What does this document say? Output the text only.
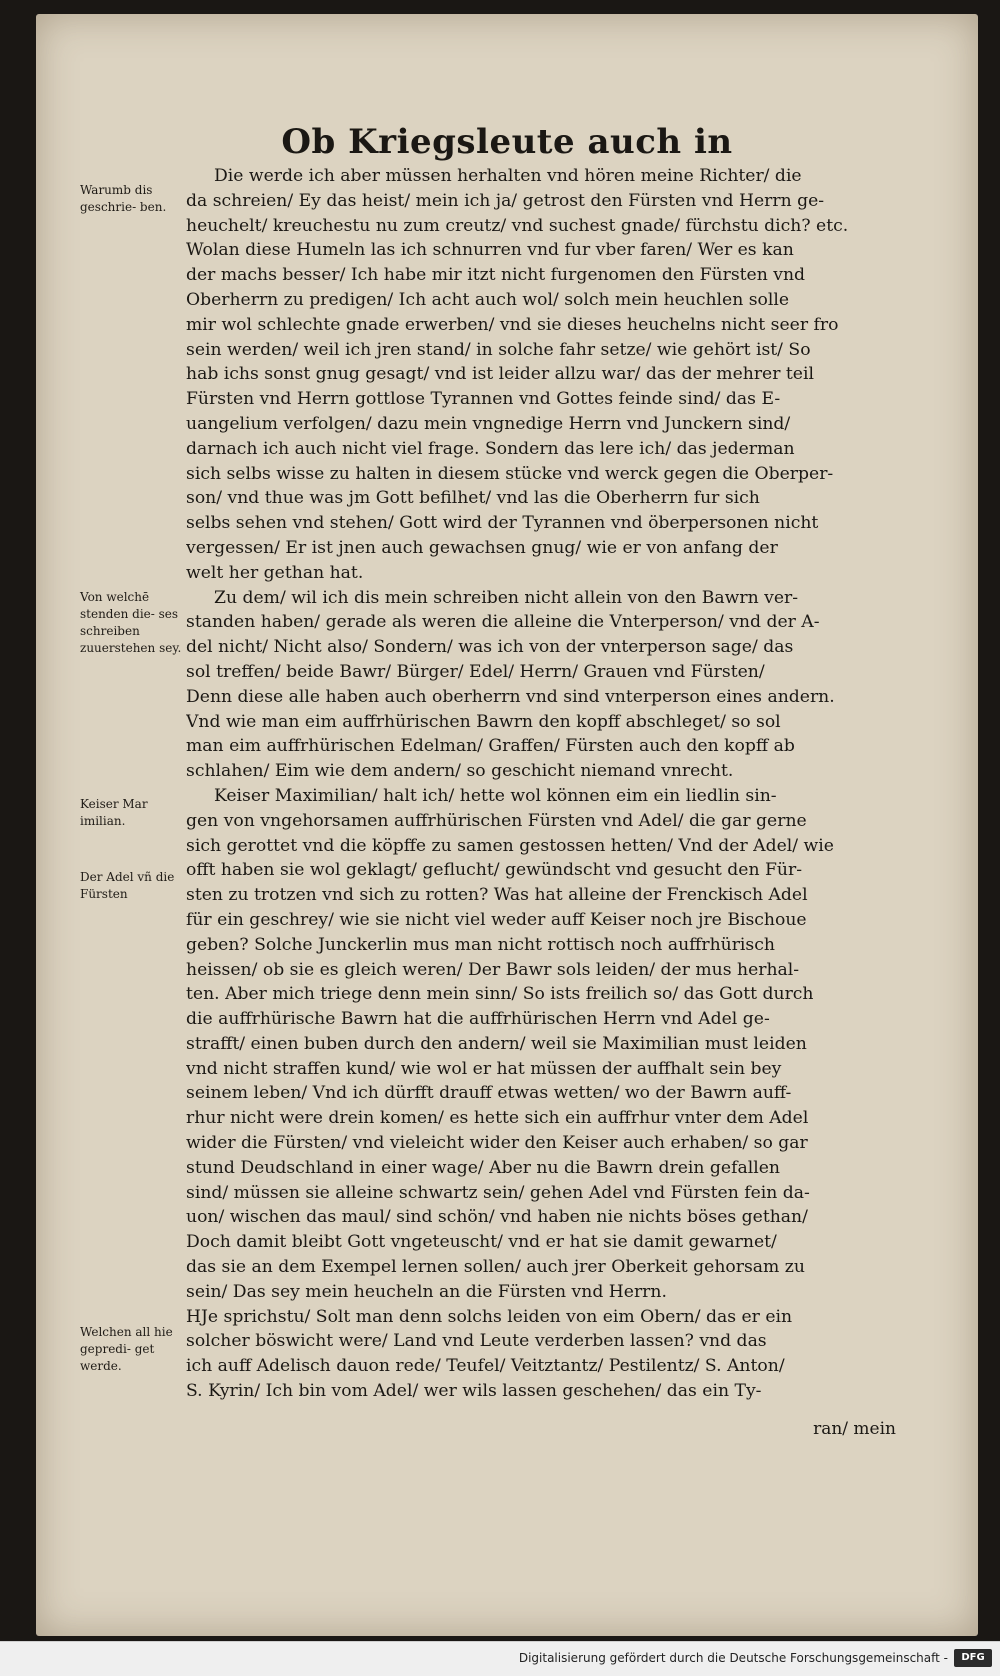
Ob Kriegsleute auch in
Warumb dis geschrie- ben.
Von welchē stenden die- ses schreiben zuuerstehen sey.
Keiser Mar imilian.
Der Adel vñ die Fürsten
Welchen all hie gepredi- get werde.
Die werde ich aber müssen herhalten vnd hören meine Richter/ die
da schreien/ Ey das heist/ mein ich ja/ getrost den Fürsten vnd Herrn ge-
heuchelt/ kreuchestu nu zum creutz/ vnd suchest gnade/ fürchstu dich? etc.
Wolan diese Humeln las ich schnurren vnd fur vber faren/ Wer es kan
der machs besser/ Ich habe mir itzt nicht furgenomen den Fürsten vnd
Oberherrn zu predigen/ Ich acht auch wol/ solch mein heuchlen solle
mir wol schlechte gnade erwerben/ vnd sie dieses heuchelns nicht seer fro
sein werden/ weil ich jren stand/ in solche fahr setze/ wie gehört ist/ So
hab ichs sonst gnug gesagt/ vnd ist leider allzu war/ das der mehrer teil
Fürsten vnd Herrn gottlose Tyrannen vnd Gottes feinde sind/ das E-
uangelium verfolgen/ dazu mein vngnedige Herrn vnd Junckern sind/
darnach ich auch nicht viel frage. Sondern das lere ich/ das jederman
sich selbs wisse zu halten in diesem stücke vnd werck gegen die Oberper-
son/ vnd thue was jm Gott befilhet/ vnd las die Oberherrn fur sich
selbs sehen vnd stehen/ Gott wird der Tyrannen vnd öberpersonen nicht
vergessen/ Er ist jnen auch gewachsen gnug/ wie er von anfang der
welt her gethan hat.
Zu dem/ wil ich dis mein schreiben nicht allein von den Bawrn ver-
standen haben/ gerade als weren die alleine die Vnterperson/ vnd der A-
del nicht/ Nicht also/ Sondern/ was ich von der vnterperson sage/ das
sol treffen/ beide Bawr/ Bürger/ Edel/ Herrn/ Grauen vnd Fürsten/
Denn diese alle haben auch oberherrn vnd sind vnterperson eines andern.
Vnd wie man eim auffrhürischen Bawrn den kopff abschleget/ so sol
man eim auffrhürischen Edelman/ Graffen/ Fürsten auch den kopff ab
schlahen/ Eim wie dem andern/ so geschicht niemand vnrecht.
Keiser Maximilian/ halt ich/ hette wol können eim ein liedlin sin-
gen von vngehorsamen auffrhürischen Fürsten vnd Adel/ die gar gerne
sich gerottet vnd die köpffe zu samen gestossen hetten/ Vnd der Adel/ wie
offt haben sie wol geklagt/ geflucht/ gewündscht vnd gesucht den Für-
sten zu trotzen vnd sich zu rotten? Was hat alleine der Frenckisch Adel
für ein geschrey/ wie sie nicht viel weder auff Keiser noch jre Bischoue
geben? Solche Junckerlin mus man nicht rottisch noch auffrhürisch
heissen/ ob sie es gleich weren/ Der Bawr sols leiden/ der mus herhal-
ten. Aber mich triege denn mein sinn/ So ists freilich so/ das Gott durch
die auffrhürische Bawrn hat die auffrhürischen Herrn vnd Adel ge-
strafft/ einen buben durch den andern/ weil sie Maximilian must leiden
vnd nicht straffen kund/ wie wol er hat müssen der auffhalt sein bey
seinem leben/ Vnd ich dürfft drauff etwas wetten/ wo der Bawrn auff-
rhur nicht were drein komen/ es hette sich ein auffrhur vnter dem Adel
wider die Fürsten/ vnd vieleicht wider den Keiser auch erhaben/ so gar
stund Deudschland in einer wage/ Aber nu die Bawrn drein gefallen
sind/ müssen sie alleine schwartz sein/ gehen Adel vnd Fürsten fein da-
uon/ wischen das maul/ sind schön/ vnd haben nie nichts böses gethan/
Doch damit bleibt Gott vngeteuscht/ vnd er hat sie damit gewarnet/
das sie an dem Exempel lernen sollen/ auch jrer Oberkeit gehorsam zu
sein/ Das sey mein heucheln an die Fürsten vnd Herrn.
HJe sprichstu/ Solt man denn solchs leiden von eim Obern/ das er ein
solcher böswicht were/ Land vnd Leute verderben lassen? vnd das
ich auff Adelisch dauon rede/ Teufel/ Veitztantz/ Pestilentz/ S. Anton/
S. Kyrin/ Ich bin vom Adel/ wer wils lassen geschehen/ das ein Ty-
ran/ mein
Digitalisierung gefördert durch die Deutsche Forschungsgemeinschaft -	DFG
